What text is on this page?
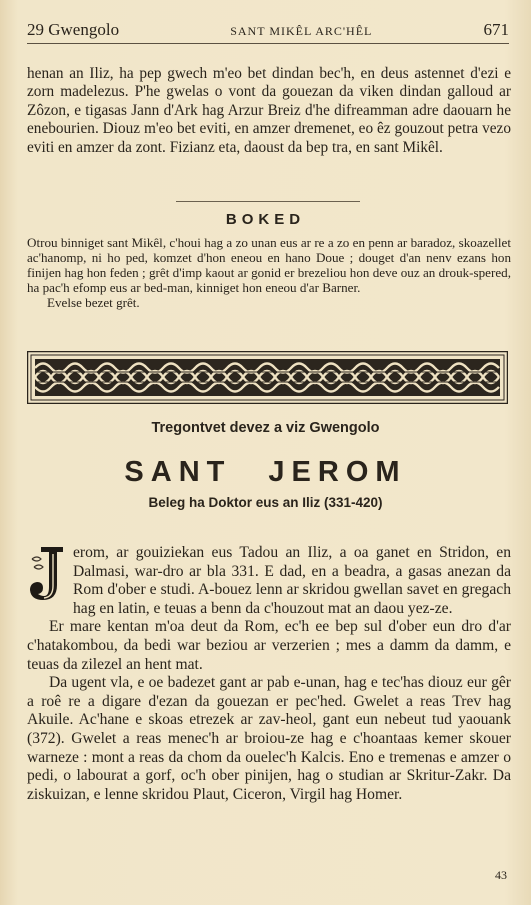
29 Gwengolo	SANT MIKÊL ARC'HÊL	671

henan an Iliz, ha pep gwech m'eo bet dindan bec'h, en deus astennet d'ezi e zorn madelezus. P'he gwelas o vont da gouezan da viken dindan galloud ar Zôzon, e tigasas Jann d'Ark hag Arzur Breiz d'he difreamman adre daouarn he enebourien. Diouz m'eo bet eviti, en amzer dremenet, eo êz gouzout petra vezo eviti en amzer da zont. Fizianz eta, daoust da bep tra, en sant Mikêl.

BOKED

Otrou binniget sant Mikêl, c'houi hag a zo unan eus ar re a zo en penn ar baradoz, skoazellet ac'hanomp, ni ho ped, komzet d'hon eneou en hano Doue ; douget d'an nenv ezans hon finijen hag hon feden ; grêt d'imp kaout ar gonid er brezeliou hon deve ouz an drouk-spered, ha pac'h efomp eus ar bed-man, kinniget hon eneou d'ar Barner.

Evelse bezet grêt.

Tregontvet devez a viz Gwengolo
SANT JEROM
Beleg ha Doktor eus an Iliz (331-420)

erom, ar gouiziekan eus Tadou an Iliz, a oa ganet en Stridon, en Dalmasi, war-dro ar bla 331. E dad, en a beadra, a gasas anezan da Rom d'ober e studi. A-bouez lenn ar skridou gwellan savet en gregach hag en latin, e teuas a benn da c'houzout mat an daou yez-ze.

Er mare kentan m'oa deut da Rom, ec'h ee bep sul d'ober eun dro d'ar c'hatakombou, da bedi war beziou ar verzerien ; mes a damm da damm, e teuas da zilezel an hent mat.

Da ugent vla, e oe badezet gant ar pab e-unan, hag e tec'has diouz eur gêr a roê re a digare d'ezan da gouezan er pec'hed. Gwelet a reas Trev hag Akuile. Ac'hane e skoas etrezek ar zav-heol, gant eun nebeut tud yaouank (372). Gwelet a reas menec'h ar broiou-ze hag e c'hoantaas kemer skouer warneze : mont a reas da chom da ouelec'h Kalcis. Eno e tremenas e amzer o pedi, o labourat a gorf, oc'h ober pinijen, hag o studian ar Skritur-Zakr. Da ziskuizan, e lenne skridou Plaut, Ciceron, Virgil hag Homer.

43
